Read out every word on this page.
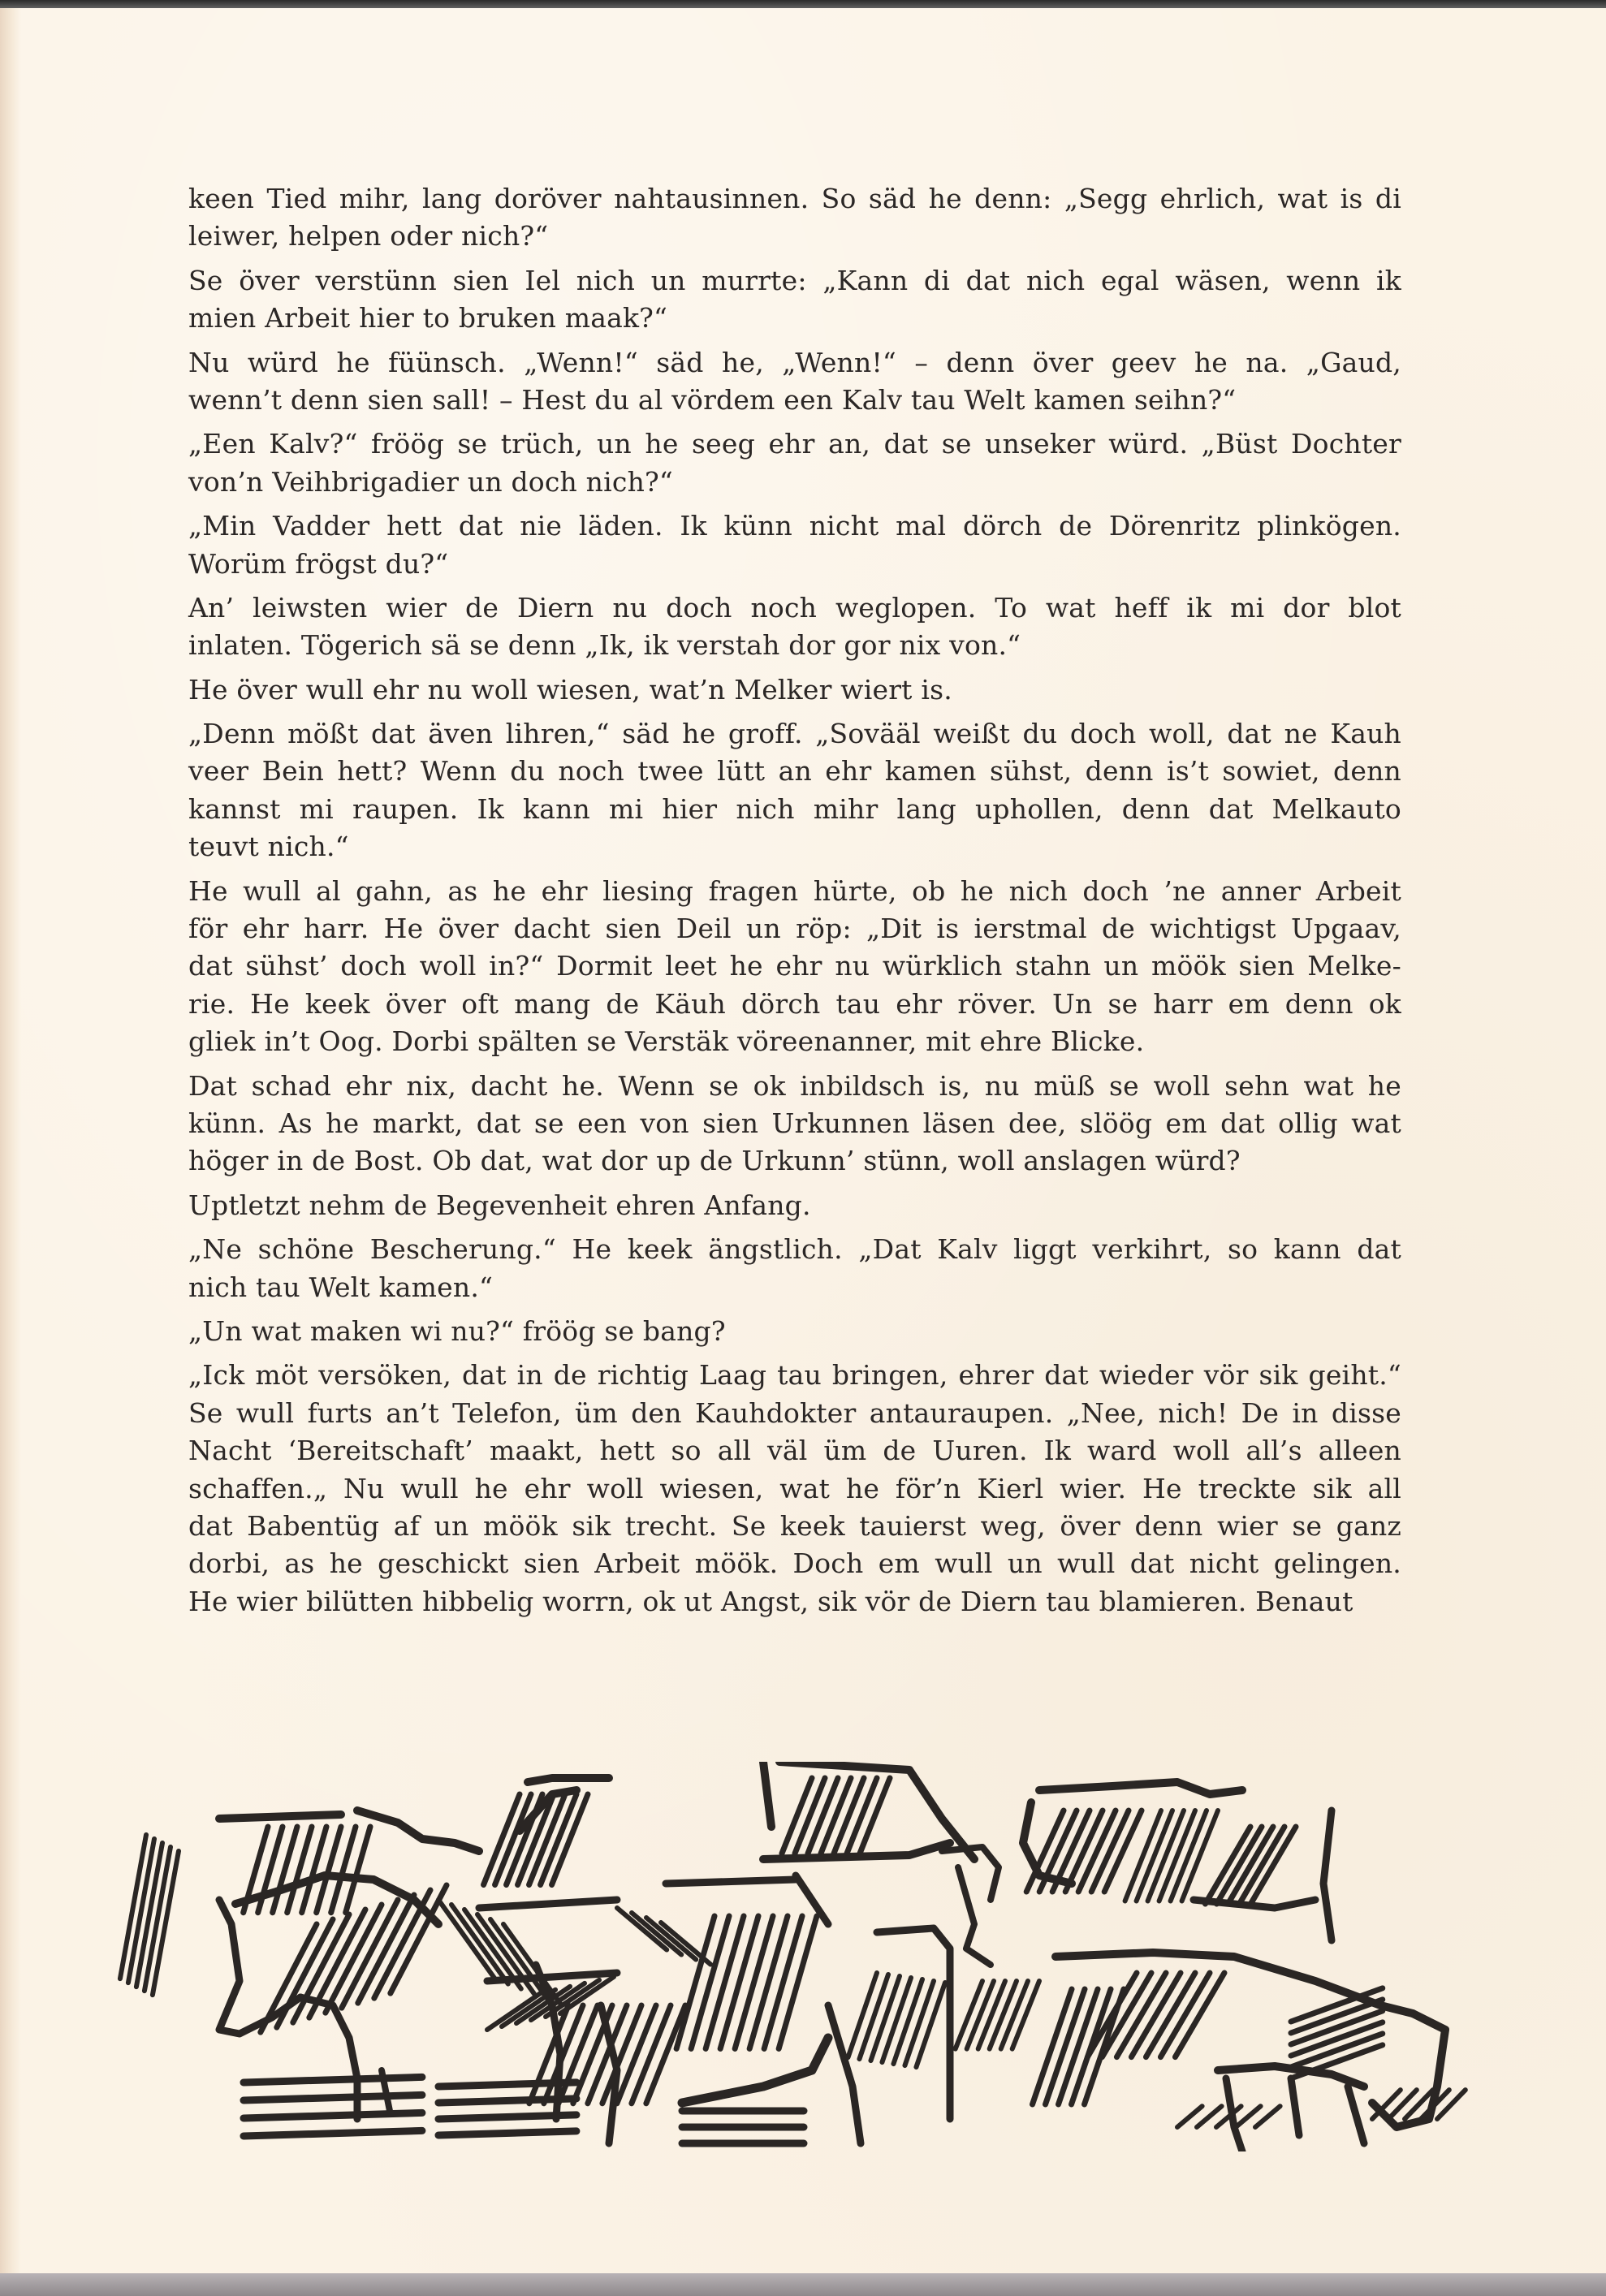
keen Tied mihr, lang doröver nahtausinnen. So säd he denn: „Segg ehrlich, wat is di
leiwer, helpen oder nich?“
Se över verstünn sien Iel nich un murrte: „Kann di dat nich egal wäsen, wenn ik
mien Arbeit hier to bruken maak?“
Nu würd he füünsch. „Wenn!“ säd he, „Wenn!“ – denn över geev he na. „Gaud,
wenn’t denn sien sall! – Hest du al vördem een Kalv tau Welt kamen seihn?“
„Een Kalv?“ fröög se trüch, un he seeg ehr an, dat se unseker würd. „Büst Dochter
von’n Veihbrigadier un doch nich?“
„Min Vadder hett dat nie läden. Ik künn nicht mal dörch de Dörenritz plinkögen.
Worüm frögst du?“
An’ leiwsten wier de Diern nu doch noch weglopen. To wat heff ik mi dor blot
inlaten. Tögerich sä se denn „Ik, ik verstah dor gor nix von.“
He över wull ehr nu woll wiesen, wat’n Melker wiert is.
„Denn mößt dat även lihren,“ säd he groff. „Sovääl weißt du doch woll, dat ne Kauh
veer Bein hett? Wenn du noch twee lütt an ehr kamen sühst, denn is’t sowiet, denn
kannst mi raupen. Ik kann mi hier nich mihr lang uphollen, denn dat Melkauto
teuvt nich.“
He wull al gahn, as he ehr liesing fragen hürte, ob he nich doch ’ne anner Arbeit
för ehr harr. He över dacht sien Deil un röp: „Dit is ierstmal de wichtigst Upgaav,
dat sühst’ doch woll in?“ Dormit leet he ehr nu würklich stahn un möök sien Melke-
rie. He keek över oft mang de Käuh dörch tau ehr röver. Un se harr em denn ok
gliek in’t Oog. Dorbi spälten se Verstäk vöreenanner, mit ehre Blicke.
Dat schad ehr nix, dacht he. Wenn se ok inbildsch is, nu müß se woll sehn wat he
künn. As he markt, dat se een von sien Urkunnen läsen dee, slöög em dat ollig wat
höger in de Bost. Ob dat, wat dor up de Urkunn’ stünn, woll anslagen würd?
Uptletzt nehm de Begevenheit ehren Anfang.
„Ne schöne Bescherung.“ He keek ängstlich. „Dat Kalv liggt verkihrt, so kann dat
nich tau Welt kamen.“
„Un wat maken wi nu?“ fröög se bang?
„Ick möt versöken, dat in de richtig Laag tau bringen, ehrer dat wieder vör sik geiht.“
Se wull furts an’t Telefon, üm den Kauhdokter antauraupen. „Nee, nich! De in disse
Nacht ‘Bereitschaft’ maakt, hett so all väl üm de Uuren. Ik ward woll all’s alleen
schaffen.„ Nu wull he ehr woll wiesen, wat he för’n Kierl wier. He treckte sik all
dat Babentüg af un möök sik trecht. Se keek tauierst weg, över denn wier se ganz
dorbi, as he geschickt sien Arbeit möök. Doch em wull un wull dat nicht gelingen.
He wier bilütten hibbelig worrn, ok ut Angst, sik vör de Diern tau blamieren. Benaut
